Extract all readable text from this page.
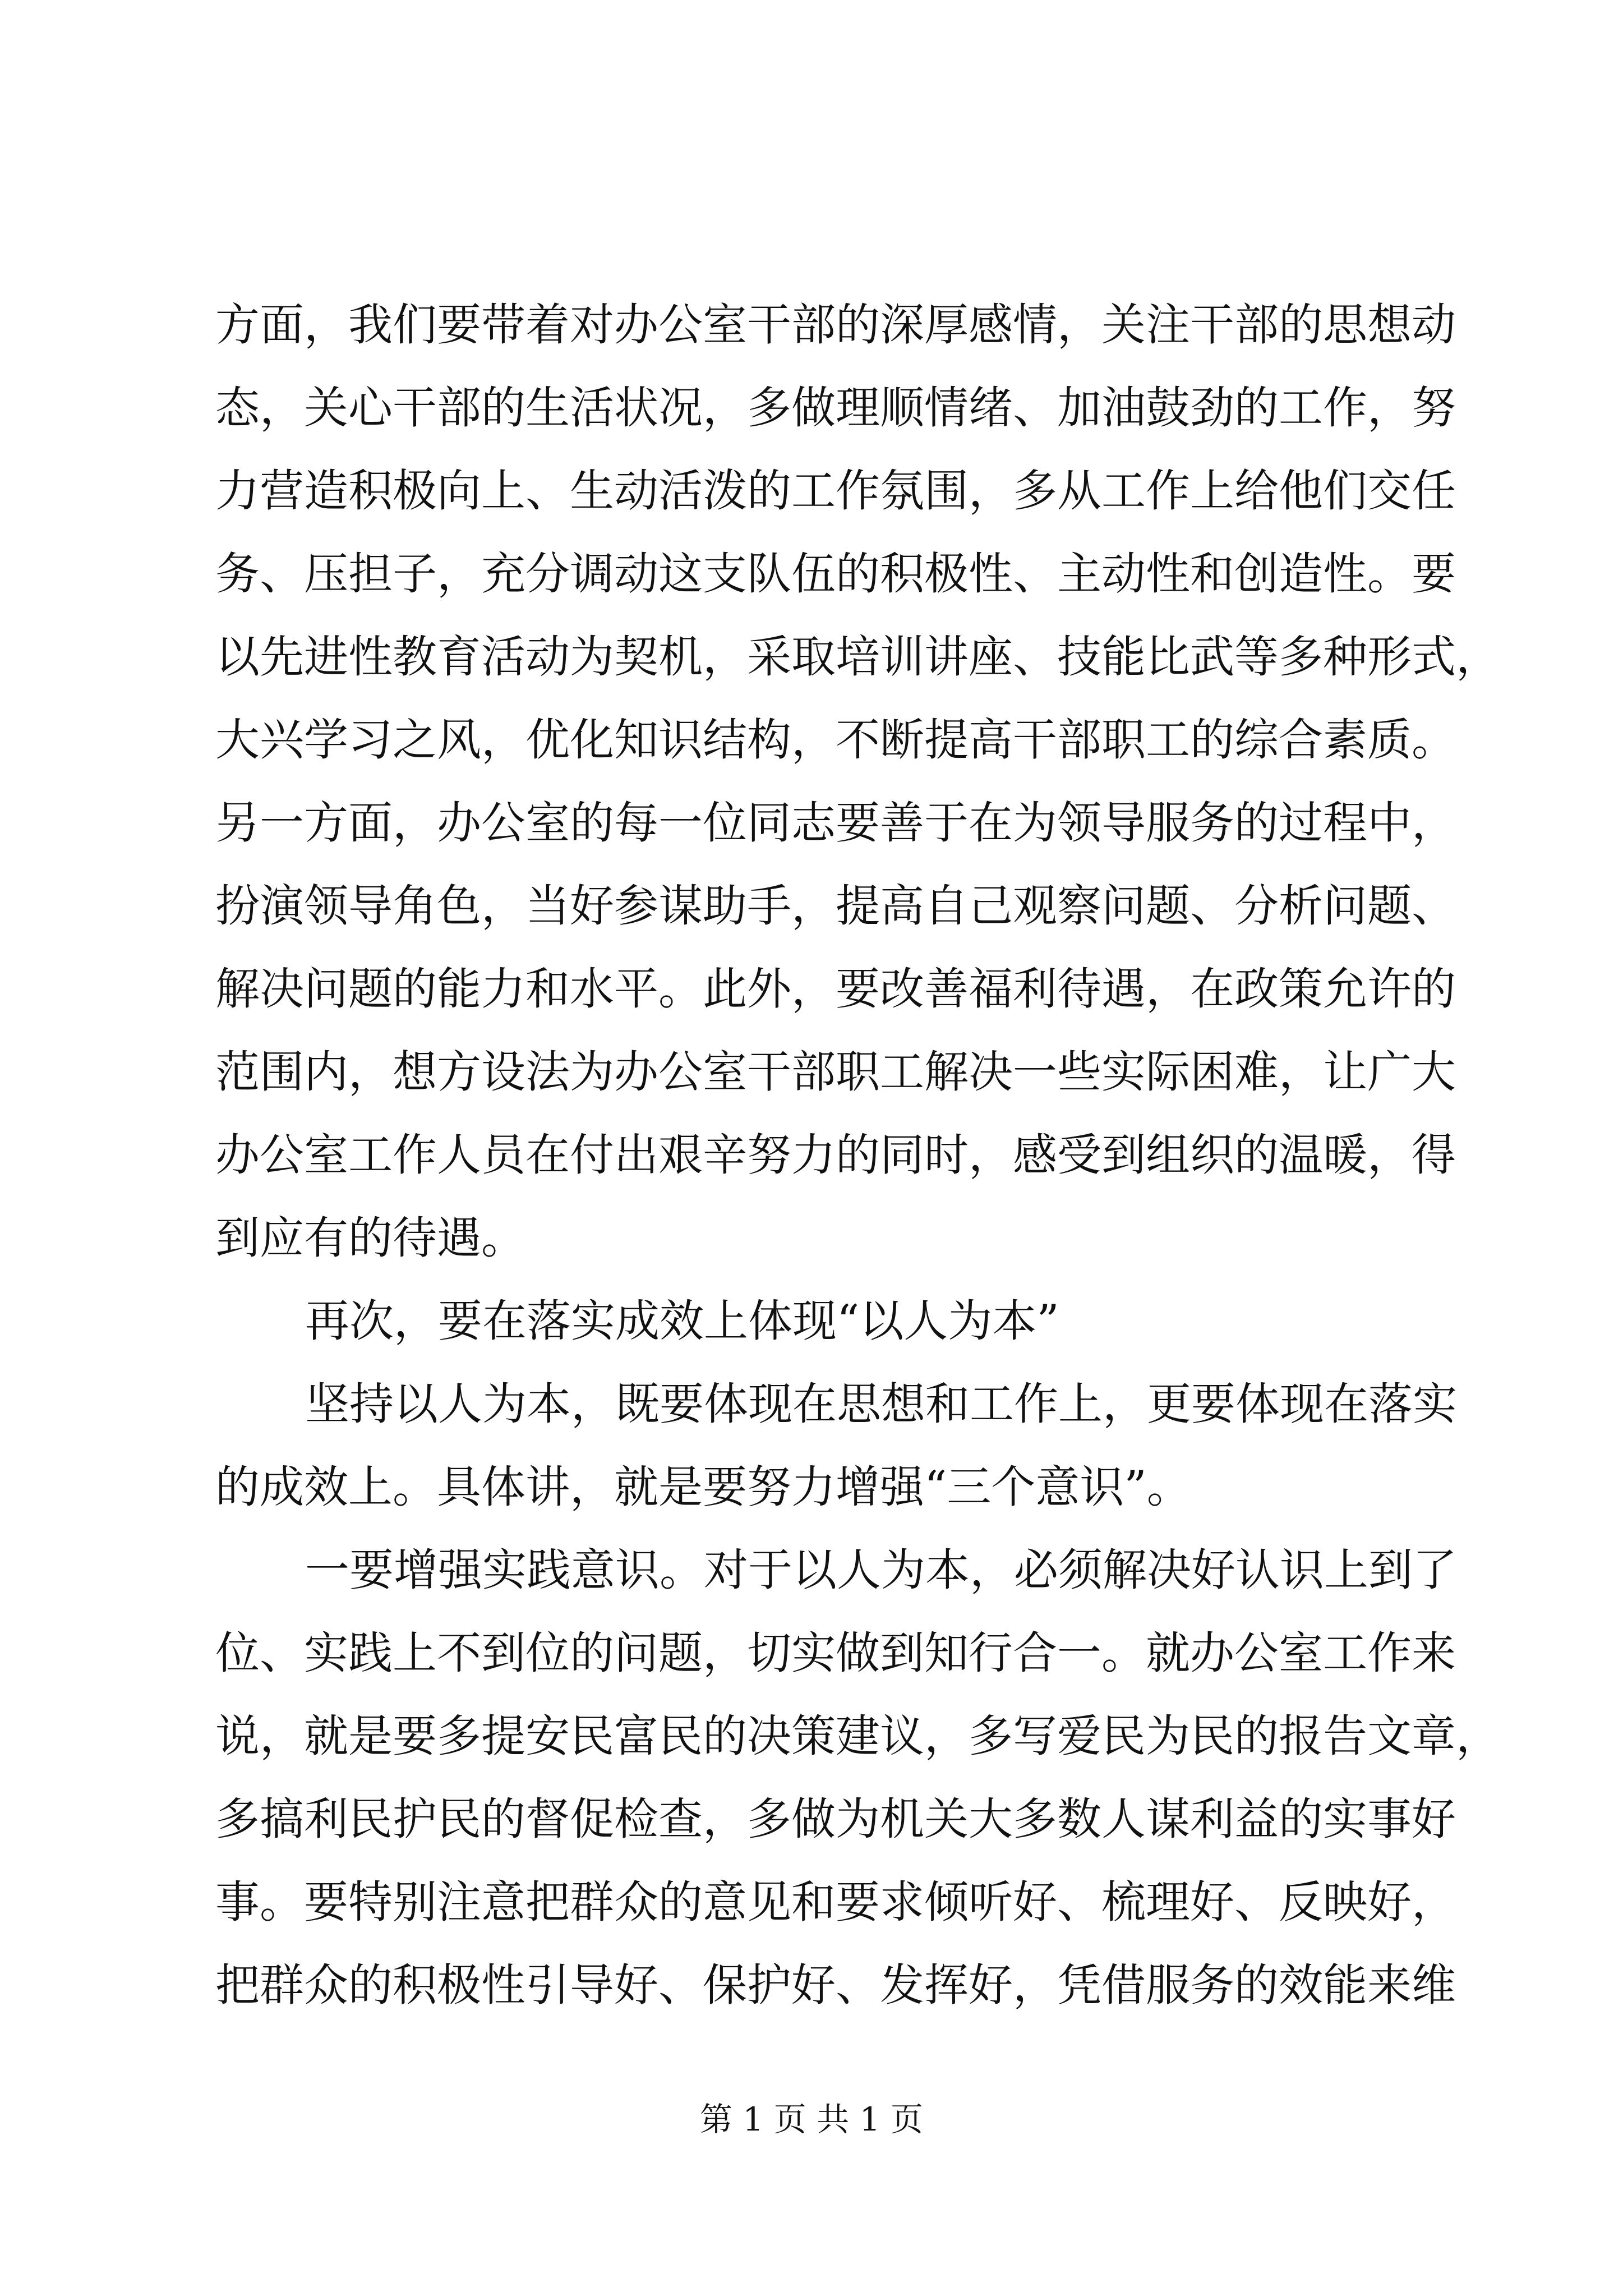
方面，我们要带着对办公室干部的深厚感情，关注干部的思想动
态，关心干部的生活状况，多做理顺情绪、加油鼓劲的工作，努
力营造积极向上、生动活泼的工作氛围，多从工作上给他们交任
务、压担子，充分调动这支队伍的积极性、主动性和创造性。要
以先进性教育活动为契机，采取培训讲座、技能比武等多种形式，
大兴学习之风，优化知识结构，不断提高干部职工的综合素质。
另一方面，办公室的每一位同志要善于在为领导服务的过程中，
扮演领导角色，当好参谋助手，提高自己观察问题、分析问题、
解决问题的能力和水平。此外，要改善福利待遇，在政策允许的
范围内，想方设法为办公室干部职工解决一些实际困难，让广大
办公室工作人员在付出艰辛努力的同时，感受到组织的温暖，得
到应有的待遇。
再次，要在落实成效上体现“以人为本”
坚持以人为本，既要体现在思想和工作上，更要体现在落实
的成效上。具体讲，就是要努力增强“三个意识”。
一要增强实践意识。对于以人为本，必须解决好认识上到了
位、实践上不到位的问题，切实做到知行合一。就办公室工作来
说，就是要多提安民富民的决策建议，多写爱民为民的报告文章，
多搞利民护民的督促检查，多做为机关大多数人谋利益的实事好
事。要特别注意把群众的意见和要求倾听好、梳理好、反映好，
把群众的积极性引导好、保护好、发挥好，凭借服务的效能来维
第 1 页 共 1 页
